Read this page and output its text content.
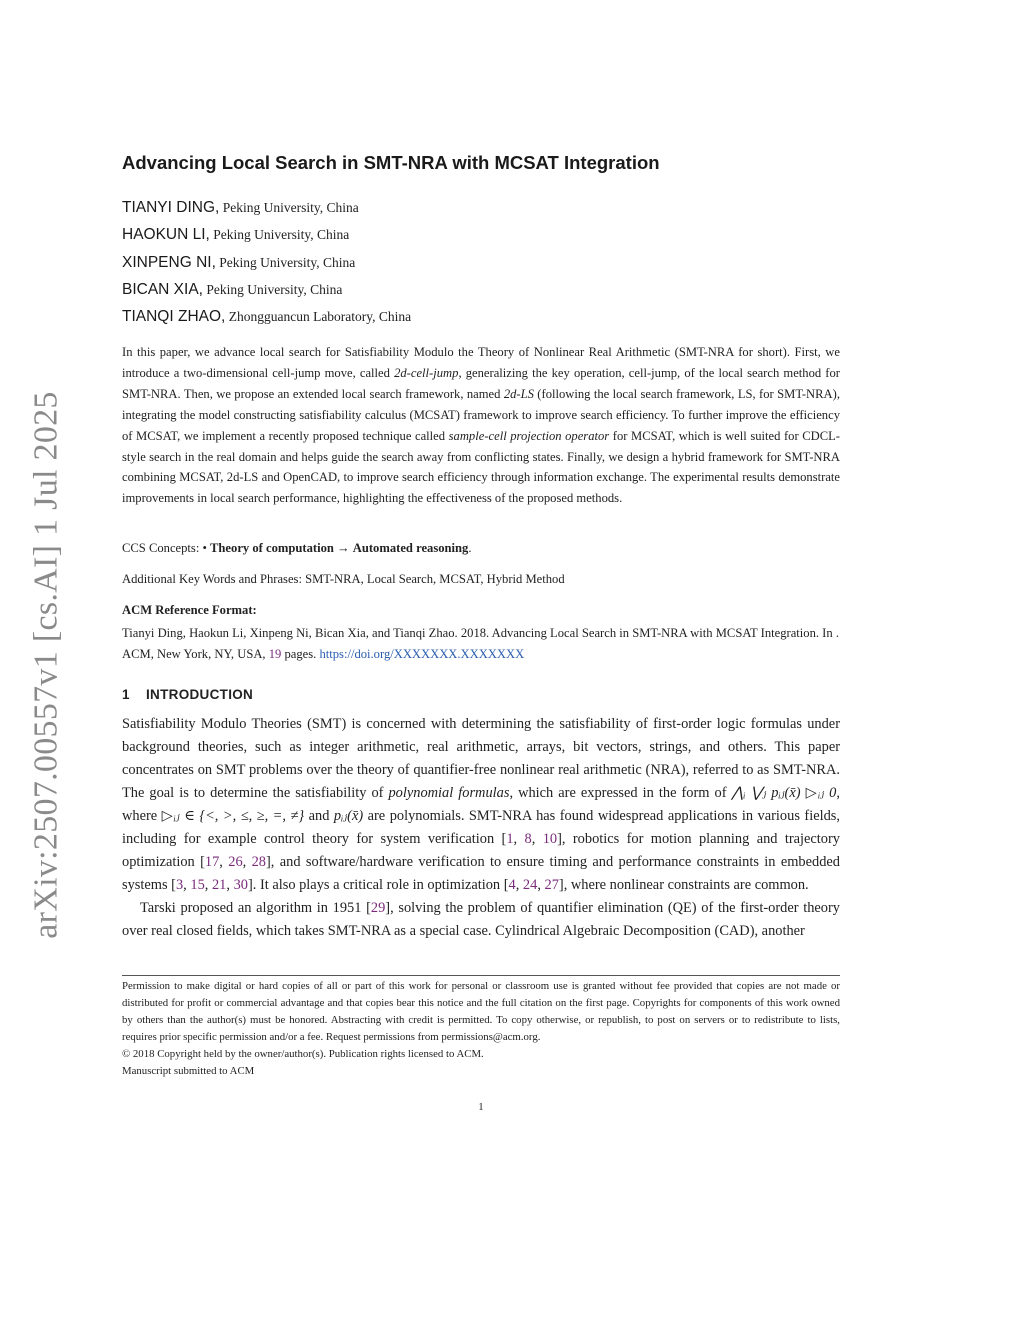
arXiv:2507.00557v1 [cs.AI] 1 Jul 2025
Advancing Local Search in SMT-NRA with MCSAT Integration
TIANYI DING, Peking University, China
HAOKUN LI, Peking University, China
XINPENG NI, Peking University, China
BICAN XIA, Peking University, China
TIANQI ZHAO, Zhongguancun Laboratory, China

In this paper, we advance local search for Satisfiability Modulo the Theory of Nonlinear Real Arithmetic (SMT-NRA for short). First, we introduce a two-dimensional cell-jump move, called 2d-cell-jump, generalizing the key operation, cell-jump, of the local search method for SMT-NRA. Then, we propose an extended local search framework, named 2d-LS (following the local search framework, LS, for SMT-NRA), integrating the model constructing satisfiability calculus (MCSAT) framework to improve search efficiency. To further improve the efficiency of MCSAT, we implement a recently proposed technique called sample-cell projection operator for MCSAT, which is well suited for CDCL-style search in the real domain and helps guide the search away from conflicting states. Finally, we design a hybrid framework for SMT-NRA combining MCSAT, 2d-LS and OpenCAD, to improve search efficiency through information exchange. The experimental results demonstrate improvements in local search performance, highlighting the effectiveness of the proposed methods.

CCS Concepts: • Theory of computation → Automated reasoning.
Additional Key Words and Phrases: SMT-NRA, Local Search, MCSAT, Hybrid Method
ACM Reference Format:

Tianyi Ding, Haokun Li, Xinpeng Ni, Bican Xia, and Tianqi Zhao. 2018. Advancing Local Search in SMT-NRA with MCSAT Integration. In . ACM, New York, NY, USA, 19 pages. https://doi.org/XXXXXXX.XXXXXXX

1 INTRODUCTION

Satisfiability Modulo Theories (SMT) is concerned with determining the satisfiability of first-order logic formulas under background theories, such as integer arithmetic, real arithmetic, arrays, bit vectors, strings, and others. This paper concentrates on SMT problems over the theory of quantifier-free nonlinear real arithmetic (NRA), referred to as SMT-NRA. The goal is to determine the satisfiability of polynomial formulas, which are expressed in the form of ⋀ᵢ ⋁ⱼ pᵢⱼ(x̄) ▷ᵢⱼ 0, where ▷ᵢⱼ ∈ {<, >, ≤, ≥, =, ≠} and pᵢⱼ(x̄) are polynomials. SMT-NRA has found widespread applications in various fields, including for example control theory for system verification [1, 8, 10], robotics for motion planning and trajectory optimization [17, 26, 28], and software/hardware verification to ensure timing and performance constraints in embedded systems [3, 15, 21, 30]. It also plays a critical role in optimization [4, 24, 27], where nonlinear constraints are common.
Tarski proposed an algorithm in 1951 [29], solving the problem of quantifier elimination (QE) of the first-order theory over real closed fields, which takes SMT-NRA as a special case. Cylindrical Algebraic Decomposition (CAD), another

Permission to make digital or hard copies of all or part of this work for personal or classroom use is granted without fee provided that copies are not made or distributed for profit or commercial advantage and that copies bear this notice and the full citation on the first page. Copyrights for components of this work owned by others than the author(s) must be honored. Abstracting with credit is permitted. To copy otherwise, or republish, to post on servers or to redistribute to lists, requires prior specific permission and/or a fee. Request permissions from permissions@acm.org.

© 2018 Copyright held by the owner/author(s). Publication rights licensed to ACM.
Manuscript submitted to ACM
1
